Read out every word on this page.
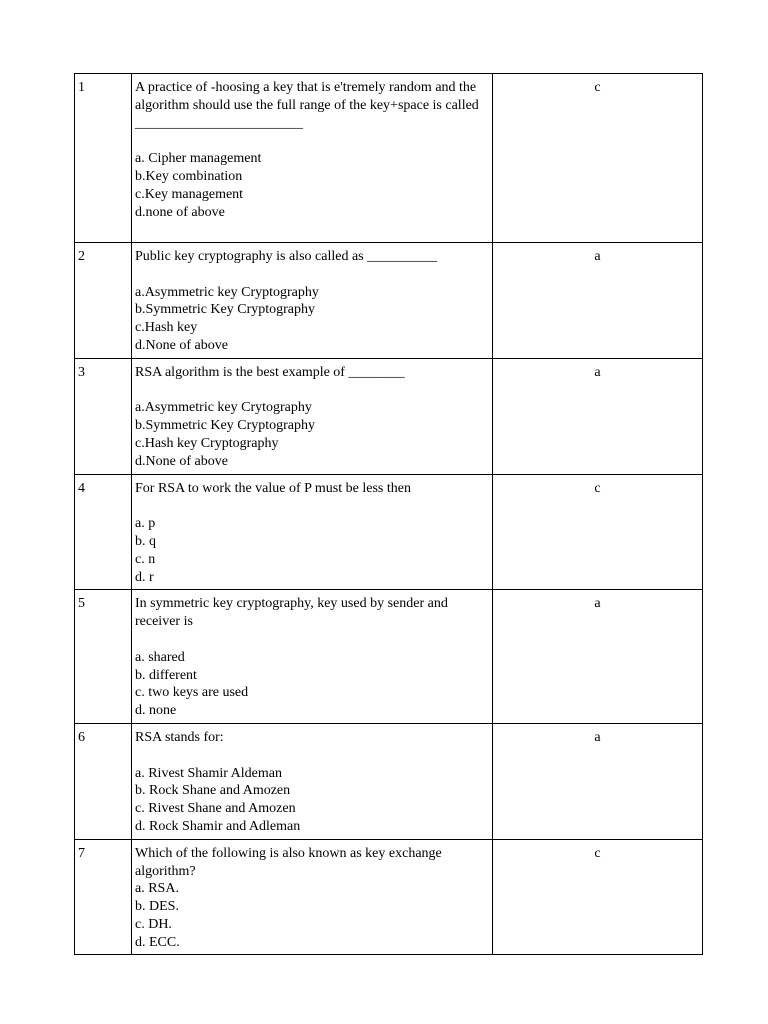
1	A practice of -hoosing a key that is e'tremely random and the algorithm should use the full range of the key+space is called ________________________
a. Cipher management
b.Key combination
c.Key management
d.none of above	c
2	Public key cryptography is also called as __________
a.Asymmetric key Cryptography
b.Symmetric Key Cryptography
c.Hash key
d.None of above	a
3	RSA algorithm is the best example of ________
a.Asymmetric key Crytography
b.Symmetric Key Cryptography
c.Hash key Cryptography
d.None of above	a
4	For RSA to work the value of P must be less then
a. p
b. q
c. n
d. r	c
5	In symmetric key cryptography, key used by sender and receiver is
a. shared
b. different
c. two keys are used
d. none	a
6	RSA stands for:
a. Rivest Shamir Aldeman
b. Rock Shane and Amozen
c. Rivest Shane and Amozen
d. Rock Shamir and Adleman	a
7	Which of the following is also known as key exchange algorithm?
a. RSA.
b. DES.
c. DH.
d. ECC.	c
